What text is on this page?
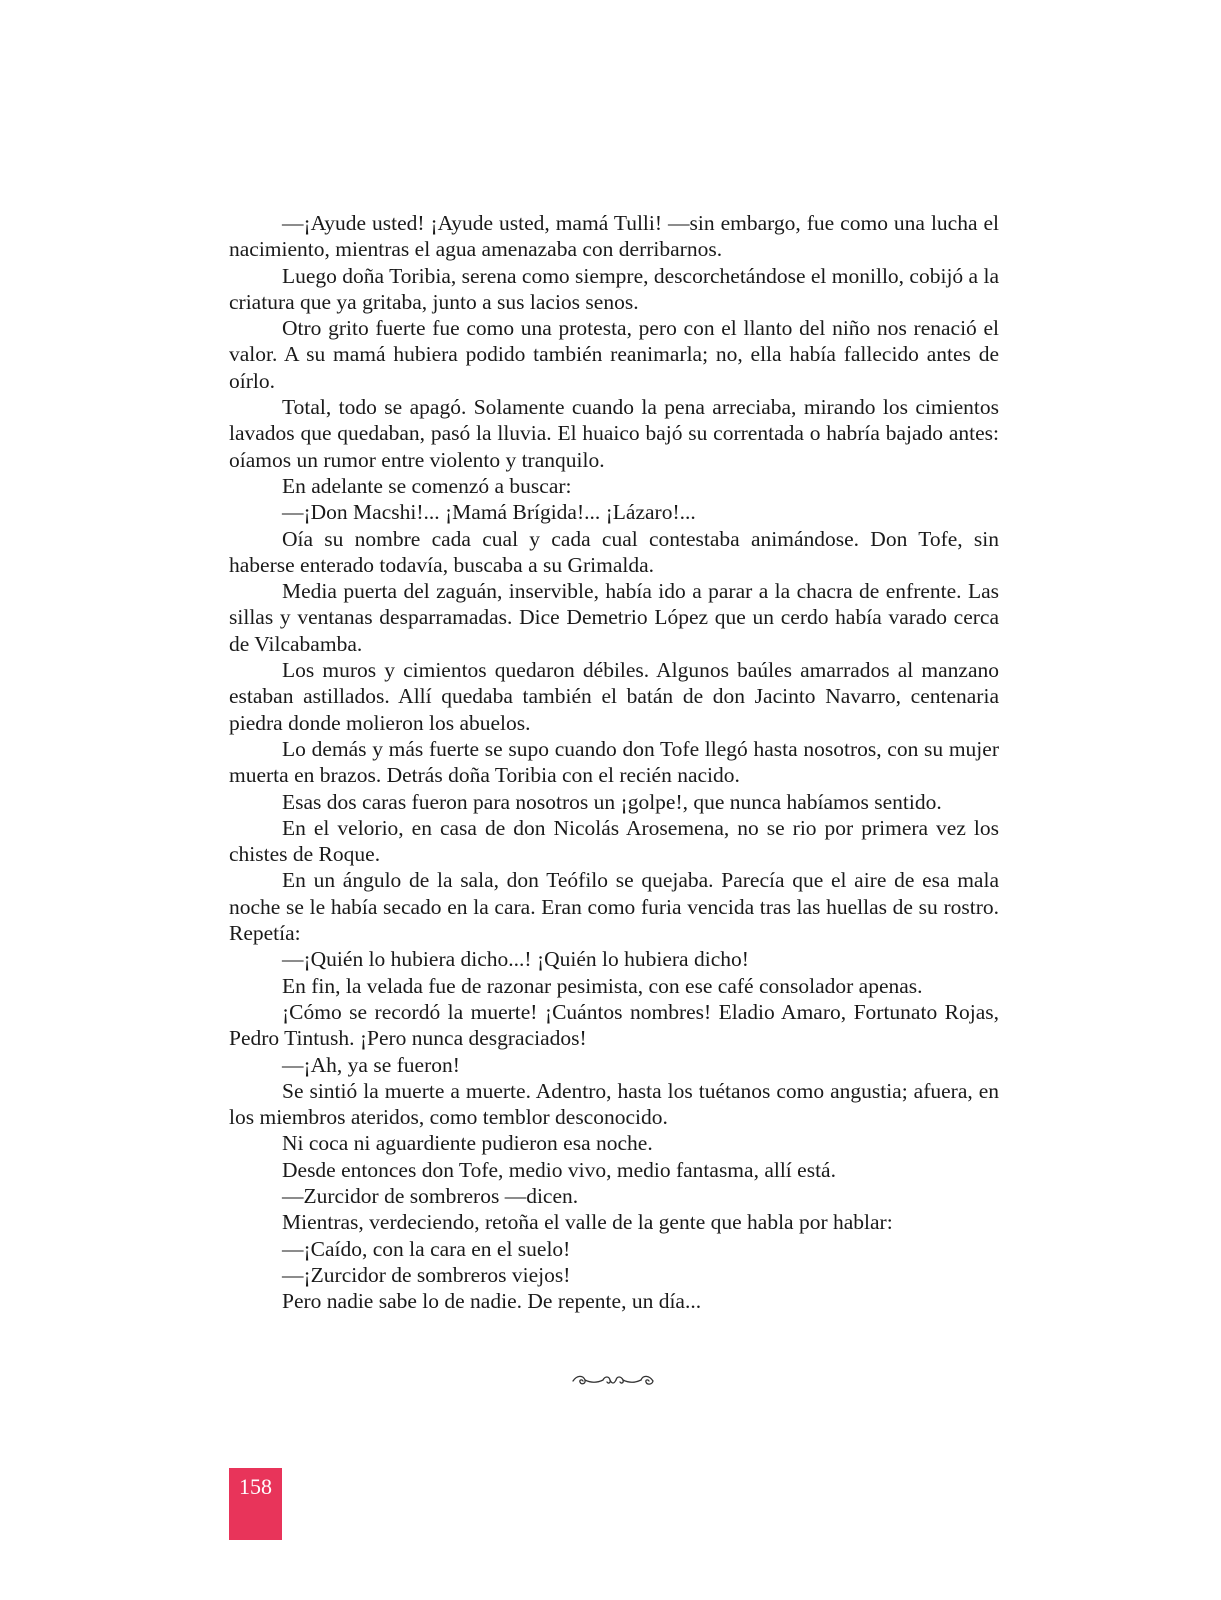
—¡Ayude usted! ¡Ayude usted, mamá Tulli! —sin embargo, fue como una lucha el nacimiento, mientras el agua amenazaba con derribarnos.

Luego doña Toribia, serena como siempre, descorchetándose el monillo, cobijó a la criatura que ya gritaba, junto a sus lacios senos.

Otro grito fuerte fue como una protesta, pero con el llanto del niño nos renació el valor. A su mamá hubiera podido también reanimarla; no, ella había fallecido antes de oírlo.

Total, todo se apagó. Solamente cuando la pena arreciaba, mirando los cimientos lavados que quedaban, pasó la lluvia. El huaico bajó su correntada o habría bajado antes: oíamos un rumor entre violento y tranquilo.

En adelante se comenzó a buscar:

—¡Don Macshi!... ¡Mamá Brígida!... ¡Lázaro!...

Oía su nombre cada cual y cada cual contestaba animándose. Don Tofe, sin haberse enterado todavía, buscaba a su Grimalda.

Media puerta del zaguán, inservible, había ido a parar a la chacra de enfrente. Las sillas y ventanas desparramadas. Dice Demetrio López que un cerdo había varado cerca de Vilcabamba.

Los muros y cimientos quedaron débiles. Algunos baúles amarrados al manzano estaban astillados. Allí quedaba también el batán de don Jacinto Navarro, centenaria piedra donde molieron los abuelos.

Lo demás y más fuerte se supo cuando don Tofe llegó hasta nosotros, con su mujer muerta en brazos. Detrás doña Toribia con el recién nacido.

Esas dos caras fueron para nosotros un ¡golpe!, que nunca habíamos sentido.

En el velorio, en casa de don Nicolás Arosemena, no se rio por primera vez los chistes de Roque.

En un ángulo de la sala, don Teófilo se quejaba. Parecía que el aire de esa mala noche se le había secado en la cara. Eran como furia vencida tras las huellas de su rostro. Repetía:

—¡Quién lo hubiera dicho...! ¡Quién lo hubiera dicho!

En fin, la velada fue de razonar pesimista, con ese café consolador apenas.

¡Cómo se recordó la muerte! ¡Cuántos nombres! Eladio Amaro, Fortunato Rojas, Pedro Tintush. ¡Pero nunca desgraciados!

—¡Ah, ya se fueron!

Se sintió la muerte a muerte. Adentro, hasta los tuétanos como angustia; afuera, en los miembros ateridos, como temblor desconocido.

Ni coca ni aguardiente pudieron esa noche.

Desde entonces don Tofe, medio vivo, medio fantasma, allí está.

—Zurcidor de sombreros —dicen.

Mientras, verdeciendo, retoña el valle de la gente que habla por hablar:

—¡Caído, con la cara en el suelo!

—¡Zurcidor de sombreros viejos!

Pero nadie sabe lo de nadie. De repente, un día...

158
